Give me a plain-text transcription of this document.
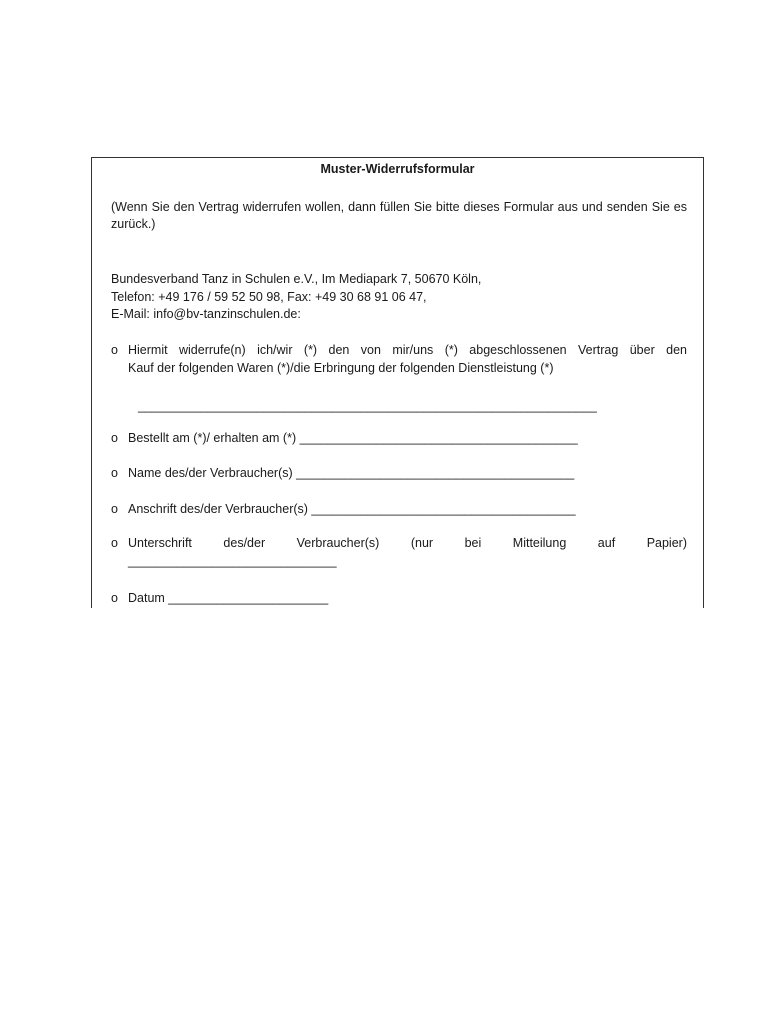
Muster-Widerrufsformular
(Wenn Sie den Vertrag widerrufen wollen, dann füllen Sie bitte dieses Formular aus und senden Sie es zurück.)
Bundesverband Tanz in Schulen e.V., Im Mediapark 7, 50670 Köln,
Telefon: +49 176 / 59 52 50 98, Fax: +49 30 68 91 06 47,
E-Mail: info@bv-tanzinschulen.de:
o Hiermit widerrufe(n) ich/wir (*) den von mir/uns (*) abgeschlossenen Vertrag über den
Kauf der folgenden Waren (*)/die Erbringung der folgenden Dienstleistung (*)
__________________________________________________________________
o Bestellt am (*)/ erhalten am (*) ________________________________________
o Name des/der Verbraucher(s) ________________________________________
o Anschrift des/der Verbraucher(s) ______________________________________
o Unterschrift des/der Verbraucher(s) (nur bei Mitteilung auf Papier)
______________________________
o Datum _______________________
